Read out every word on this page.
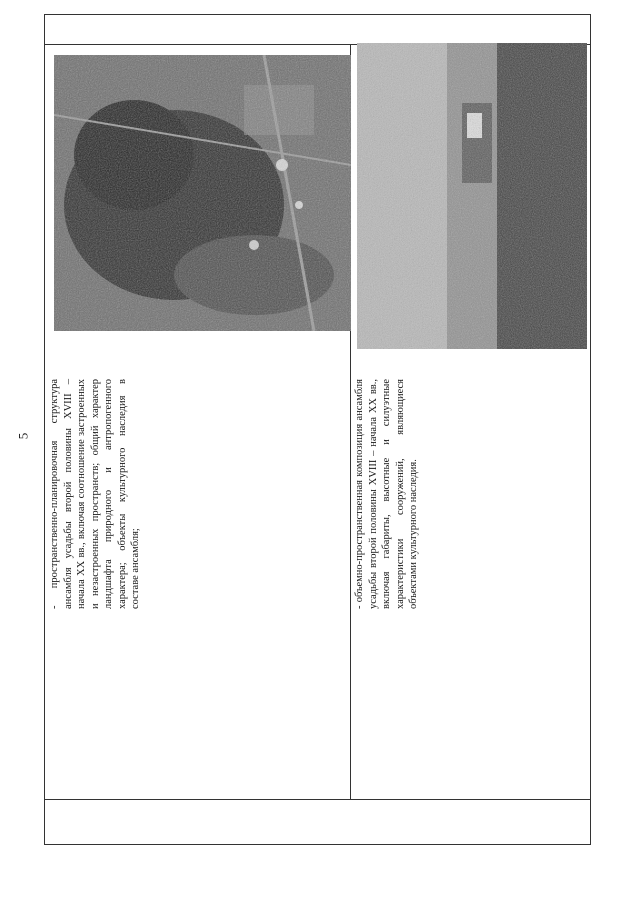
5 - пространственно-планировочная структура ансамбля усадьбы второй половины XVIII – начала XX вв., включая соотношение застроенных и незастроенных пространств; общий характер ландшафта природного и антропогенного характера; объекты культурного наследия в составе ансамбля;	- объемно-пространственная композиция ансамбля усадьбы второй половины XVIII – начала XX вв., включая габариты, высотные и силуэтные характеристики сооружений, являющиеся объектами культурного наследия.
